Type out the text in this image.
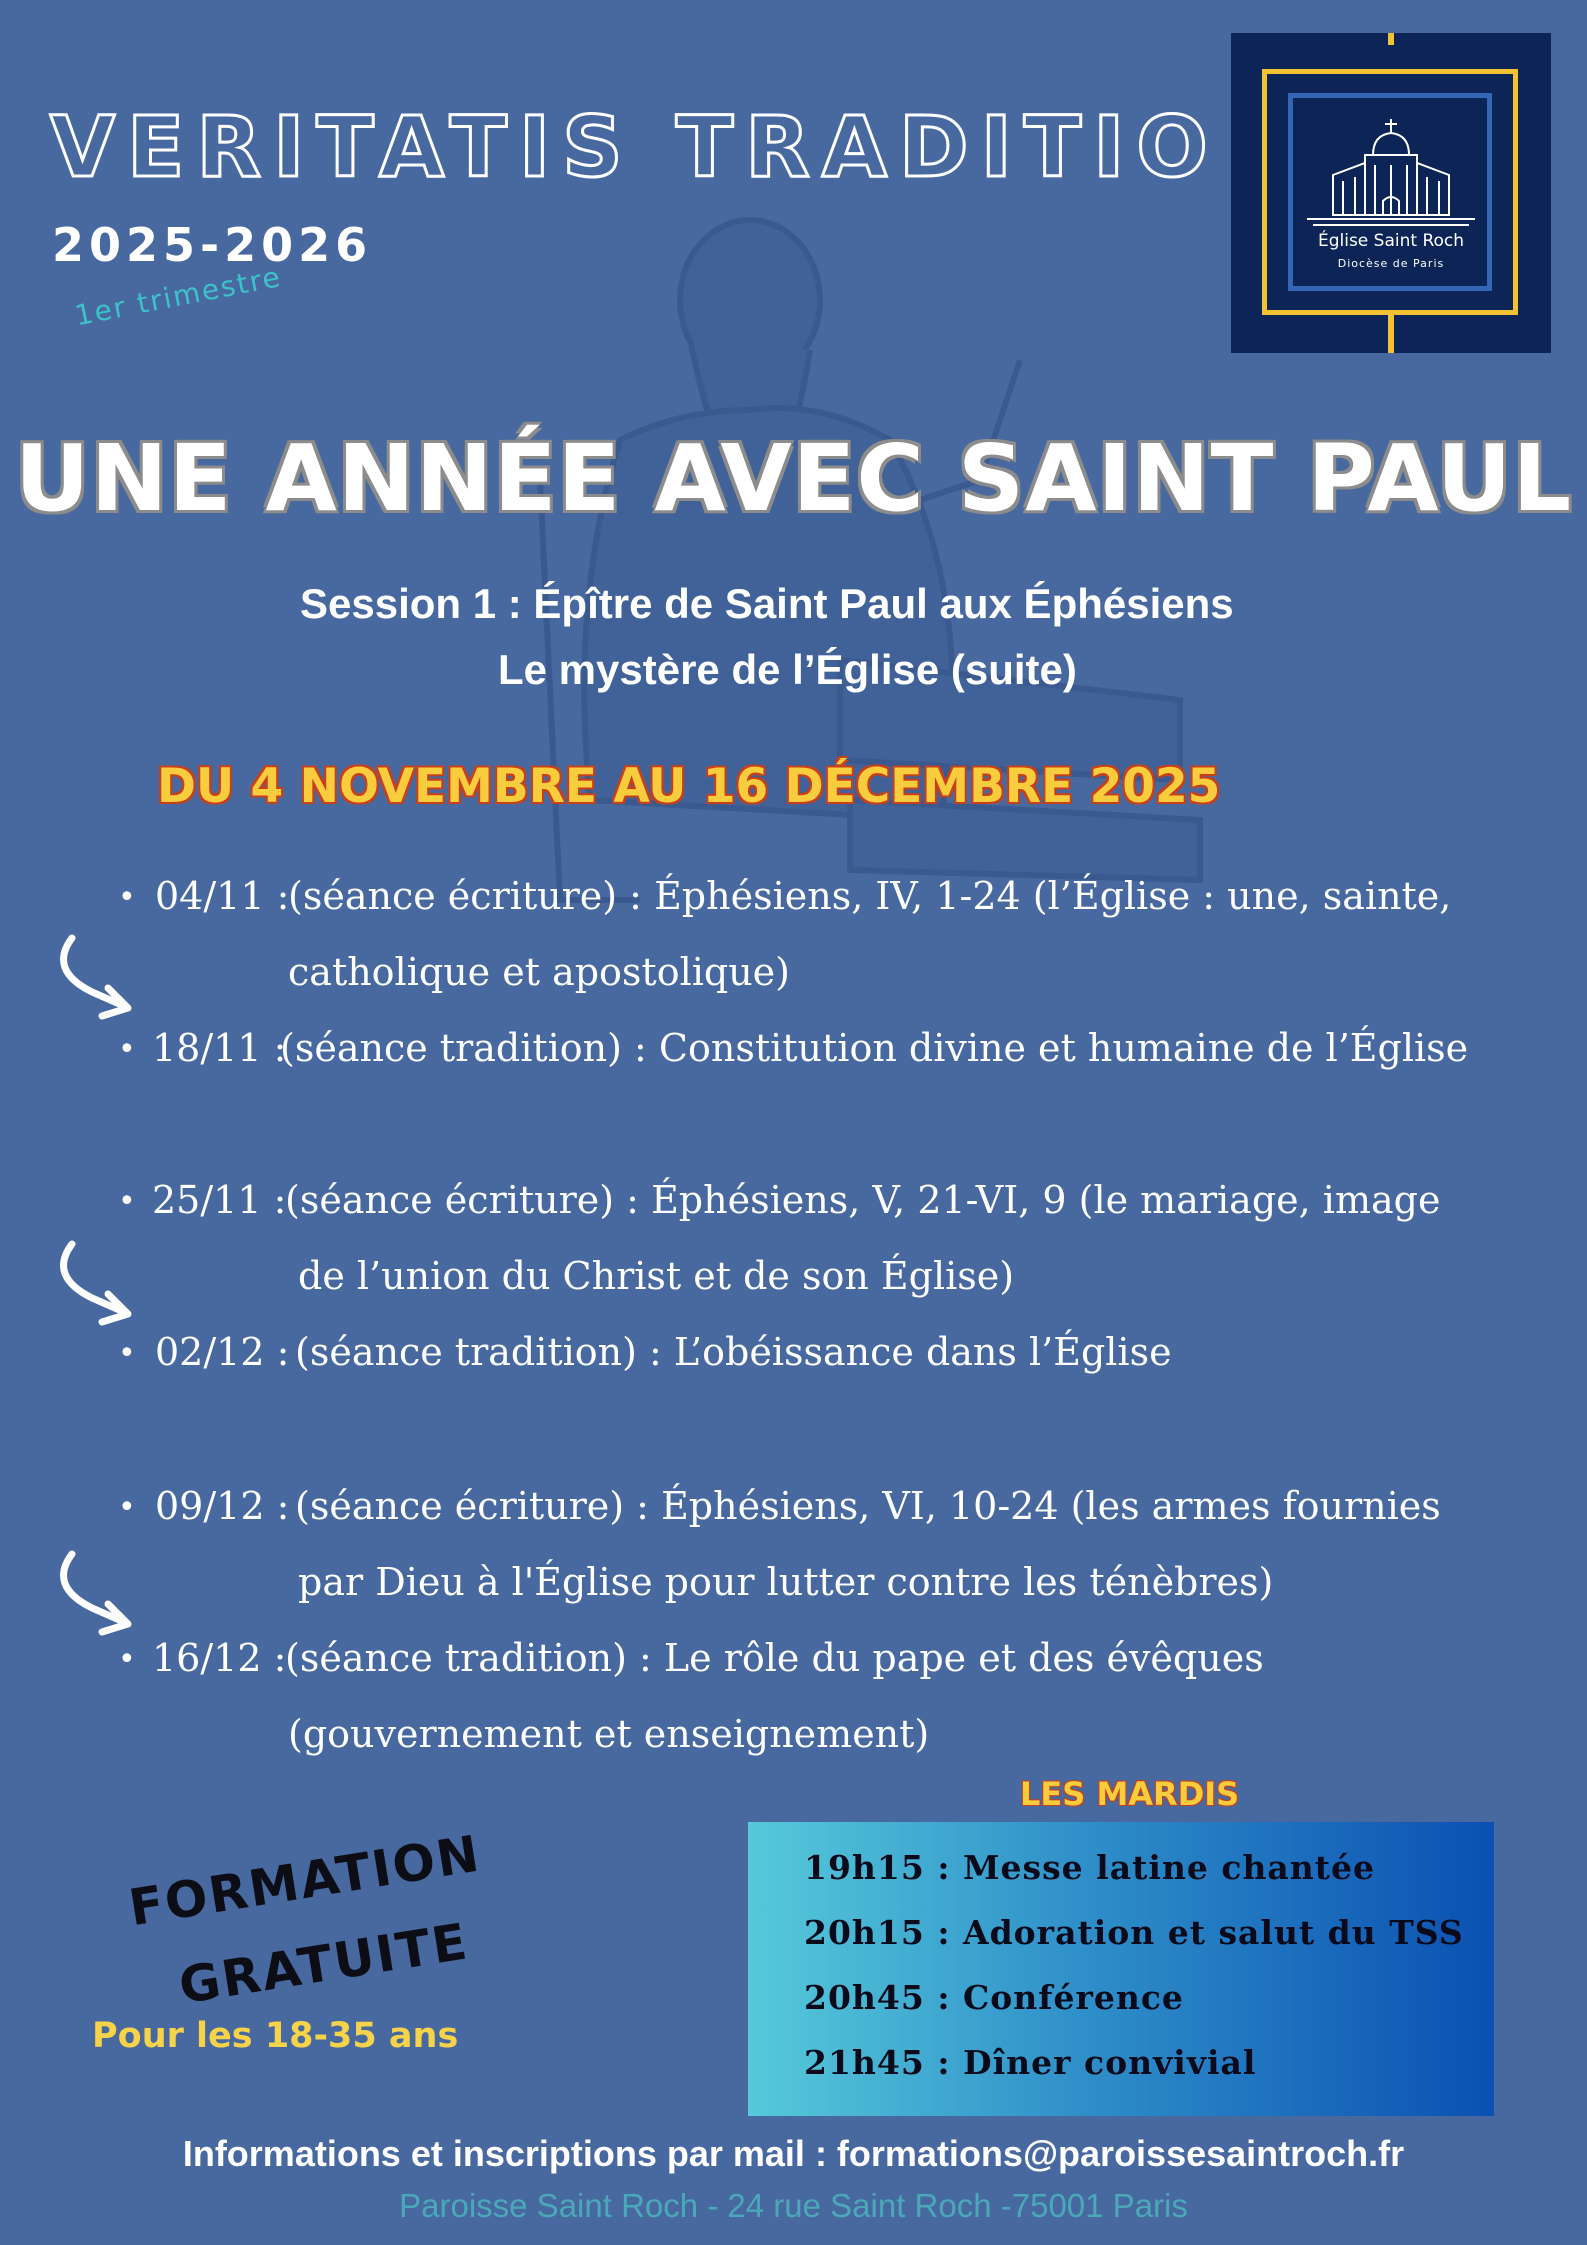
VERITATIS TRADITIO
2025-2026
1er trimestre
Église Saint Roch
Diocèse de Paris
UNE ANNÉE AVEC SAINT PAUL
Session 1 : Épître de Saint Paul aux Éphésiens
Le mystère de l’Église (suite)
DU 4 NOVEMBRE AU 16 DÉCEMBRE 2025
• 04/11 :
(séance écriture) : Éphésiens, IV, 1-24 (l’Église : une, sainte,
catholique et apostolique)
• 18/11 :
(séance tradition) : Constitution divine et humaine de l’Église
• 25/11 :
(séance écriture) : Éphésiens, V, 21-VI, 9 (le mariage, image
de l’union du Christ et de son Église)
• 02/12 : (séance tradition) : L’obéissance dans l’Église
• 09/12 : (séance écriture) : Éphésiens, VI, 10-24 (les armes fournies
par Dieu à l'Église pour lutter contre les ténèbres)
• 16/12 :
(séance tradition) : Le rôle du pape et des évêques
(gouvernement et enseignement)
LES MARDIS
19h15 : Messe latine chantée
20h15 : Adoration et salut du TSS
20h45 : Conférence
21h45 : Dîner convivial
FORMATION
GRATUITE
Pour les 18-35 ans
Informations et inscriptions par mail : formations@paroissesaintroch.fr
Paroisse Saint Roch - 24 rue Saint Roch -75001 Paris
